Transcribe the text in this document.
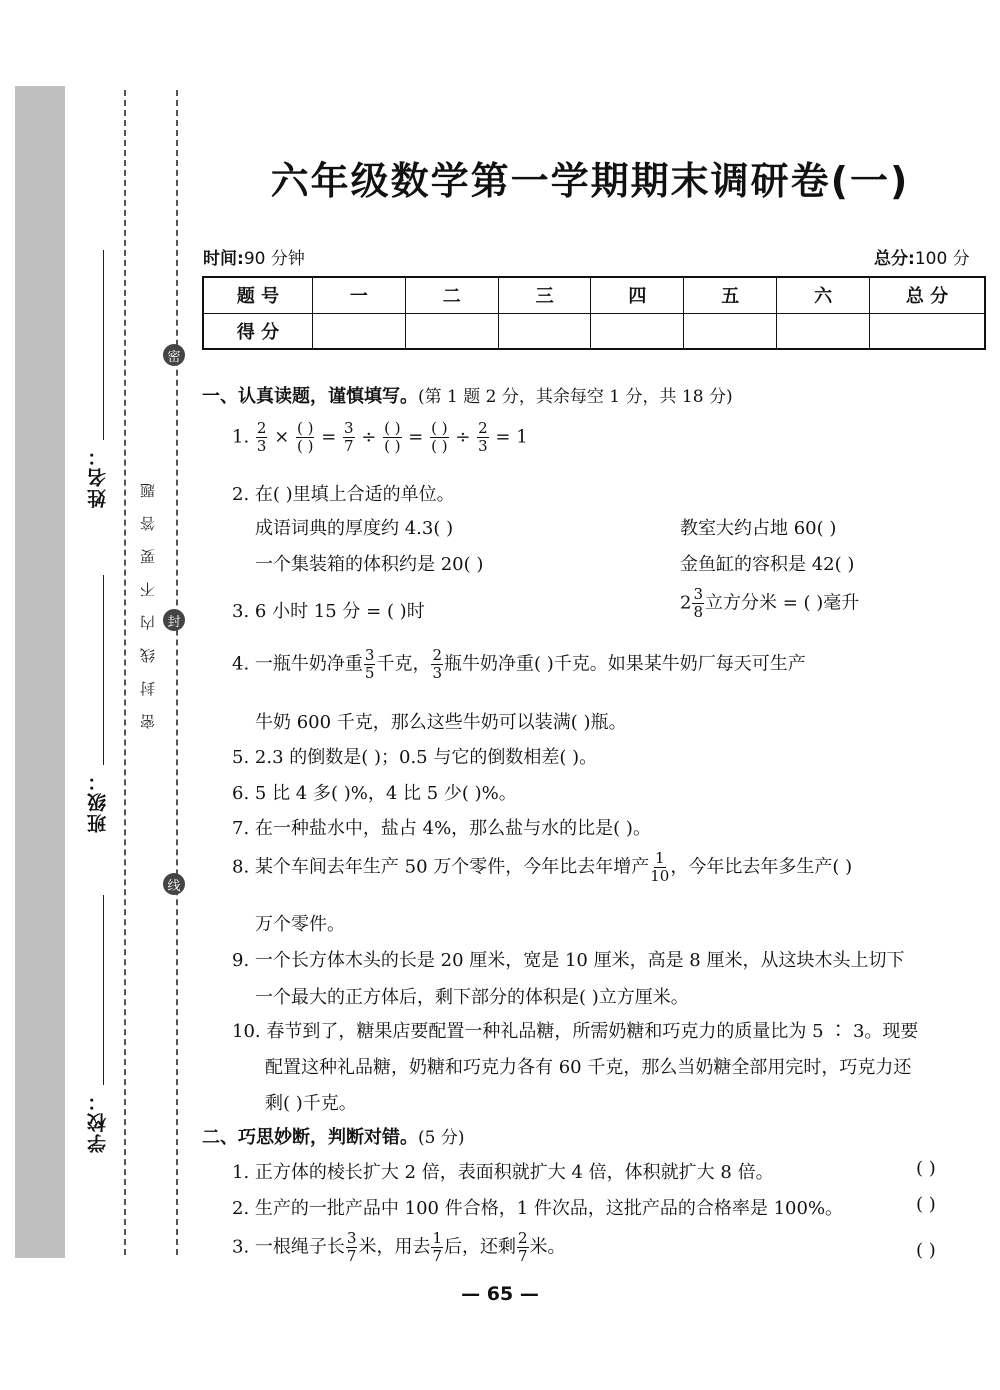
姓名：
班级：
学校：
密封线内不要答题
密
封
线
六年级数学第一学期期末调研卷(一)
时间:90 分钟	总分:100 分
题 号	一	二	三	四	五	六	总 分
得 分							
一、认真读题，谨慎填写。(第 1 题 2 分，其余每空 1 分，共 18 分)
1. $\frac{2}{3} \times \frac{( )}{( )} = \frac{3}{7} \div \frac{( )}{( )} = \frac{( )}{( )} \div \frac{2}{3} = 1$
2. 在( )里填上合适的单位。
成语词典的厚度约 4.3( )	教室大约占地 60( )
一个集装箱的体积约是 20( )	金鱼缸的容积是 42( )
3. 6 小时 15 分 = ( )时	$2 \frac{3}{8}$ 立方分米 = ( )毫升
4. 一瓶牛奶净重 $\frac{3}{5}$ 千克， $\frac{2}{3}$ 瓶牛奶净重( )千克。如果某牛奶厂每天可生产
牛奶 600 千克，那么这些牛奶可以装满( )瓶。
5. 2.3 的倒数是( )；0.5 与它的倒数相差( )。
6. 5 比 4 多( )%，4 比 5 少( )%。
7. 在一种盐水中，盐占 4%，那么盐与水的比是( )。
8. 某个车间去年生产 50 万个零件，今年比去年增产 $\frac{1}{10}$ ，今年比去年多生产( )
万个零件。
9. 一个长方体木头的长是 20 厘米，宽是 10 厘米，高是 8 厘米，从这块木头上切下
一个最大的正方体后，剩下部分的体积是( )立方厘米。
10. 春节到了，糖果店要配置一种礼品糖，所需奶糖和巧克力的质量比为 5 ∶ 3。现要
配置这种礼品糖，奶糖和巧克力各有 60 千克，那么当奶糖全部用完时，巧克力还
剩( )千克。
二、巧思妙断，判断对错。(5 分)
1. 正方体的棱长扩大 2 倍，表面积就扩大 4 倍，体积就扩大 8 倍。	( )
2. 生产的一批产品中 100 件合格，1 件次品，这批产品的合格率是 100%。	( )
3. 一根绳子长 $\frac{3}{7}$ 米，用去 $\frac{1}{7}$ 后，还剩 $\frac{2}{7}$ 米。	( )
— 65 —
